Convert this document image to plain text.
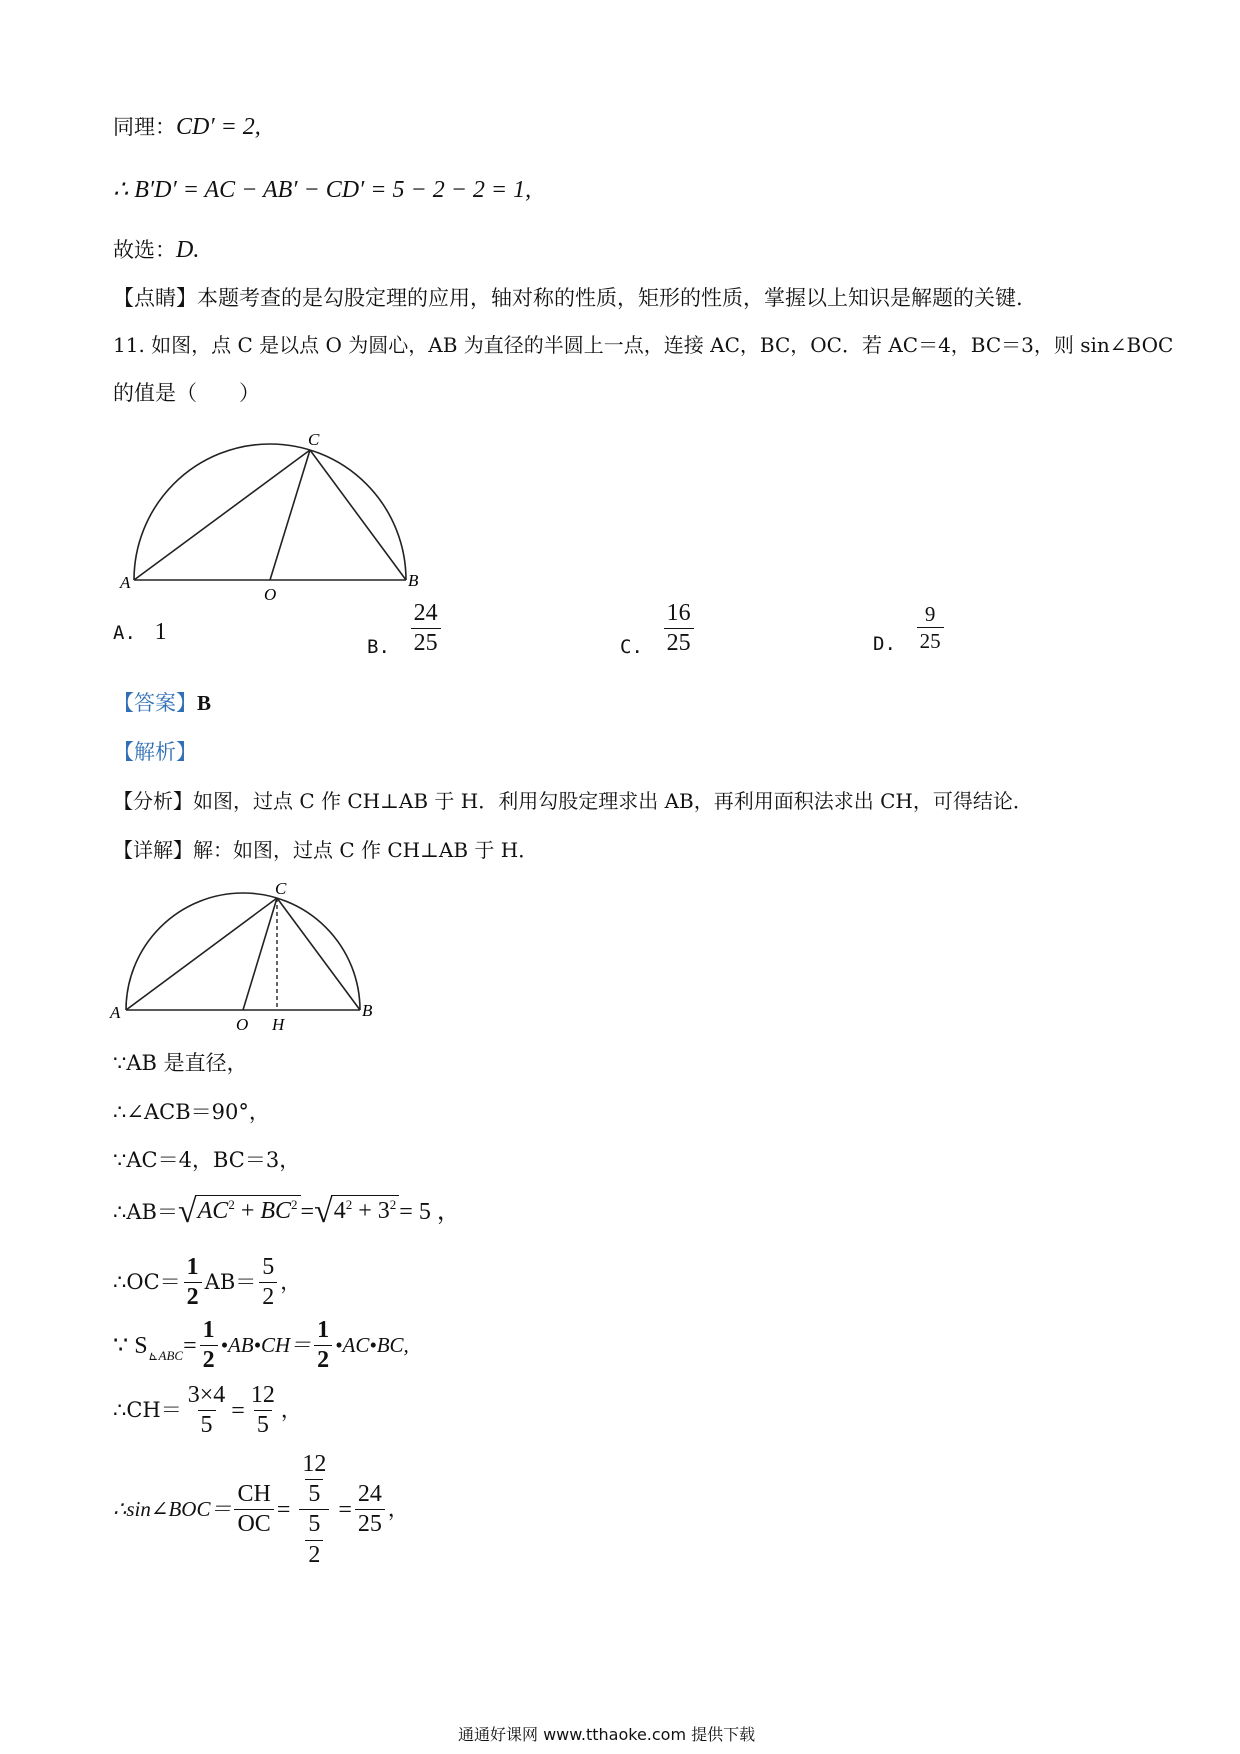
同理：CD′ = 2,
∴ B′D′ = AC − AB′ − CD′ = 5 − 2 − 2 = 1,
故选：D.
【点睛】本题考查的是勾股定理的应用，轴对称的性质，矩形的性质，掌握以上知识是解题的关键.
11. 如图，点 C 是以点 O 为圆心，AB 为直径的半圆上一点，连接 AC，BC，OC．若 AC＝4，BC＝3，则 sin∠BOC
的值是（　　）
A	B
C
O
A. 1
B. $\frac{24}{25}$	C. $\frac{16}{25}$	D. $\frac{9}{25}$
【答案】B
【解析】
【分析】如图，过点 C 作 CH⊥AB 于 H．利用勾股定理求出 AB，再利用面积法求出 CH，可得结论．
【详解】解：如图，过点 C 作 CH⊥AB 于 H．
A	B
C
O H
∵AB 是直径，
∴∠ACB＝90°，
∵AC＝4，BC＝3，
∴AB＝ √ $AC^2 + BC^2$ = √ $4^2 + 3^2 = 5$ ，
∴OC＝ $\frac{1}{2} AB= \frac{5}{2}$ ，
∵ S ⊾ABC = $\frac{1}{2}$ •AB•CH＝ $\frac{1}{2}$ •AC•BC,
∴CH＝ $\frac{3\times 4}{5} = \frac{12}{5}$ ，
∴sin∠BOC＝ $\frac{CH}{OC} = \frac{\frac{12}{5}}{\frac{5}{2}} = \frac{24}{25}$ ，
通通好课网 www.tthaoke.com 提供下载
